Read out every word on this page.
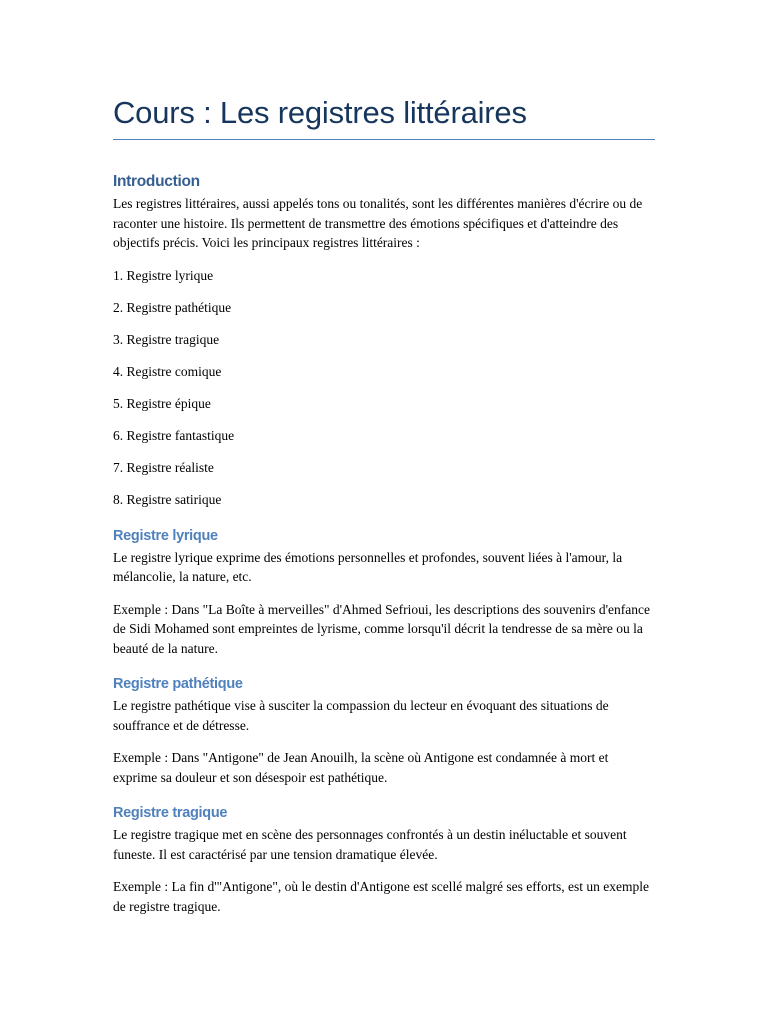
Cours : Les registres littéraires
Introduction

Les registres littéraires, aussi appelés tons ou tonalités, sont les différentes manières d'écrire ou de raconter une histoire. Ils permettent de transmettre des émotions spécifiques et d'atteindre des objectifs précis. Voici les principaux registres littéraires :

1. Registre lyrique

2. Registre pathétique

3. Registre tragique

4. Registre comique

5. Registre épique

6. Registre fantastique

7. Registre réaliste

8. Registre satirique

Registre lyrique

Le registre lyrique exprime des émotions personnelles et profondes, souvent liées à l'amour, la mélancolie, la nature, etc.

Exemple : Dans "La Boîte à merveilles" d'Ahmed Sefrioui, les descriptions des souvenirs d'enfance de Sidi Mohamed sont empreintes de lyrisme, comme lorsqu'il décrit la tendresse de sa mère ou la beauté de la nature.

Registre pathétique

Le registre pathétique vise à susciter la compassion du lecteur en évoquant des situations de souffrance et de détresse.

Exemple : Dans "Antigone" de Jean Anouilh, la scène où Antigone est condamnée à mort et exprime sa douleur et son désespoir est pathétique.

Registre tragique

Le registre tragique met en scène des personnages confrontés à un destin inéluctable et souvent funeste. Il est caractérisé par une tension dramatique élevée.

Exemple : La fin d'"Antigone", où le destin d'Antigone est scellé malgré ses efforts, est un exemple de registre tragique.
